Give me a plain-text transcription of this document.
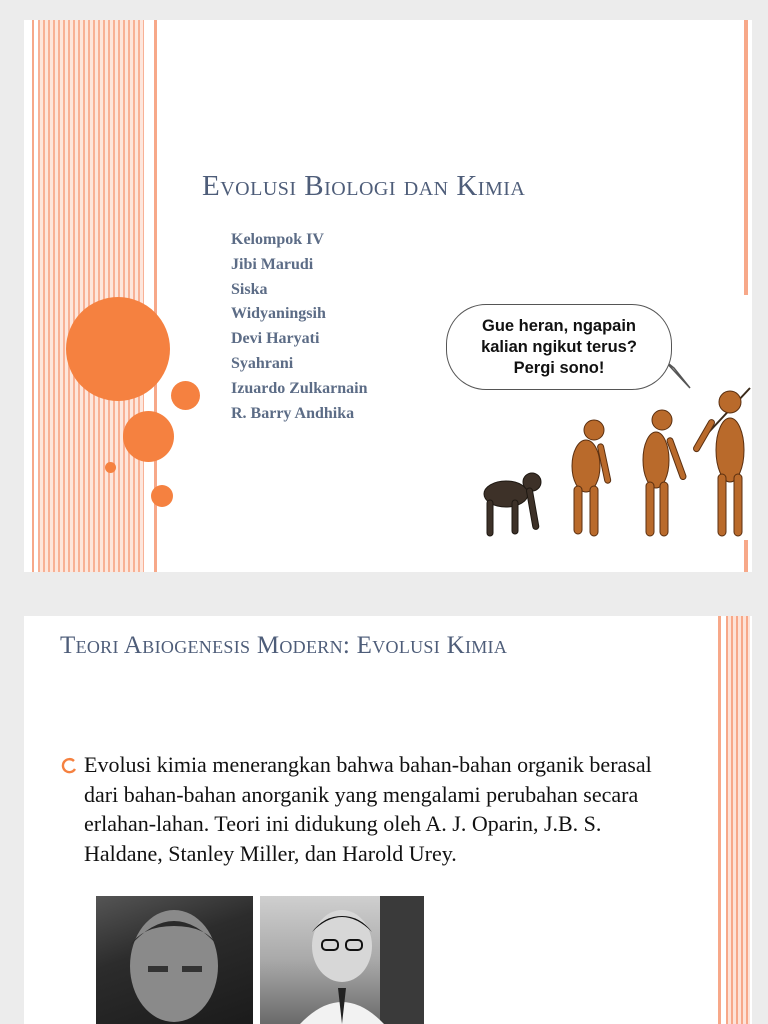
Evolusi Biologi dan Kimia
Kelompok IV
Jibi Marudi
Siska
Widyaningsih
Devi Haryati
Syahrani
Izuardo Zulkarnain
R. Barry Andhika
Gue heran, ngapain
kalian ngikut terus?
Pergi sono!
Teori Abiogenesis Modern: Evolusi Kimia
Evolusi kimia menerangkan bahwa bahan-bahan organik berasal dari bahan-bahan anorganik yang mengalami perubahan secara erlahan-lahan. Teori ini didukung oleh A. J. Oparin, J.B. S. Haldane, Stanley Miller, dan Harold Urey.
